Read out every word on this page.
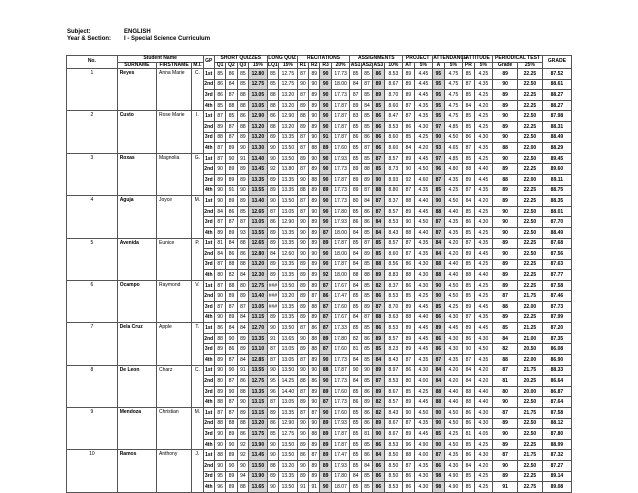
Subject:	ENGLISH
Year & Section: I - Special Science Curriculum
No.	Student Name			GP	SHORT QUIZZES				LONG QUIZ		RECITATIONS				ASSIGNMENTS				PROJECT		ATTENDANCE		ATTITUDE		PERIODICAL TEST		GRADE
	SURNAME	FIRSTNAME	M.I.		Q1	Q2	Q3	15%	LQ1	15%	R1	R2	R3	20%	AS1	AS2	AS3	10%	AT	5%	A	5%	PR	5%	Grade	25%	
1	Reyes	Anna Marie	C.	1st	85	86	85	12.80	85	12.75	87	89	90	17.73	85	85	86	8.53	89	4.45	95	4.75	85	4.25	89	22.25	87.52
				2nd	86	84	85	12.75	85	12.75	90	90	90	18.00	84	87	89	8.67	89	4.45	95	4.75	87	4.35	90	22.50	88.61
				3rd	86	87	88	13.05	88	13.20	87	89	90	17.73	87	85	89	8.70	89	4.45	95	4.75	85	4.25	89	22.25	88.27
				4th	85	88	88	13.05	88	13.20	89	89	90	17.87	89	84	85	8.60	87	4.35	95	4.75	84	4.20	89	22.25	88.27
2	Custo	Rose Marie	I.	1st	87	85	86	12.90	86	12.90	88	90	90	17.87	83	85	86	8.47	87	4.35	95	4.75	85	4.25	90	22.50	87.98
				2nd	89	87	88	13.20	88	13.20	89	89	90	17.87	85	85	86	8.53	86	4.30	97	4.85	85	4.25	89	22.25	88.31
				3rd	88	87	89	13.20	89	13.35	87	90	91	17.87	86	86	86	8.60	85	4.25	90	4.50	86	4.30	90	22.50	88.49
				4th	87	89	90	13.30	90	13.50	87	88	89	17.60	85	87	86	8.60	84	4.20	93	4.65	87	4.35	88	22.00	88.29
3	Roxas	Magnolia	G.	1st	87	90	91	13.40	90	13.50	89	90	90	17.93	85	85	87	8.57	89	4.45	97	4.85	85	4.25	90	22.50	89.45
				2nd	90	89	89	13.45	92	13.80	87	89	90	17.73	89	88	85	8.73	90	4.50	96	4.80	88	4.40	89	22.25	89.60
				3rd	89	89	89	13.35	89	13.35	90	88	90	17.87	89	89	90	8.93	92	4.60	87	4.35	89	4.45	88	22.00	89.11
				4th	90	91	90	13.55	89	13.35	88	89	89	17.73	89	87	88	8.80	87	4.35	85	4.25	87	4.35	89	22.25	88.75
4	Aguja	Joyce	M.	1st	90	89	89	13.40	90	13.50	87	89	90	17.73	80	84	87	8.37	88	4.40	90	4.50	84	4.20	89	22.25	88.35
				2nd	84	86	85	12.65	87	13.05	87	90	90	17.80	85	86	87	8.57	89	4.45	88	4.40	85	4.25	90	22.50	88.01
				3rd	87	87	87	13.05	86	12.90	90	89	90	17.93	86	86	84	8.53	90	4.50	87	4.35	86	4.30	90	22.50	87.70
				4th	89	89	93	13.55	89	13.35	90	89	87	18.00	84	85	84	8.43	88	4.40	87	4.35	85	4.25	90	22.50	88.49
5	Avenida	Eunice	P.	1st	81	84	88	12.65	89	13.35	90	89	89	17.87	85	87	85	8.57	87	4.35	84	4.20	87	4.35	89	22.25	87.68
				2nd	84	86	86	12.80	84	12.60	90	90	90	18.00	84	89	85	8.60	87	4.35	84	4.20	89	4.45	90	22.50	87.56
				3rd	87	88	88	13.20	89	13.35	89	89	90	17.87	84	85	88	8.56	86	4.30	88	4.40	85	4.25	89	22.25	87.63
				4th	80	82	84	12.30	89	13.35	89	89	92	18.00	88	88	89	8.83	88	4.30	88	4.40	88	4.40	89	22.25	87.77
6	Ocampo	Raymond	V.	1st	87	88	80	12.75	###	13.50	89	89	87	17.67	84	85	82	8.37	86	4.30	90	4.50	85	4.25	89	22.25	87.58
				2nd	90	89	89	13.40	###	13.20	89	87	86	17.47	85	85	86	8.53	85	4.25	90	4.50	85	4.25	87	21.75	87.46
				3rd	87	87	87	13.05	###	13.35	89	88	87	17.60	85	89	87	8.70	89	4.45	85	4.25	89	4.45	88	22.00	87.73
				4th	90	89	84	13.15	89	13.35	89	89	87	17.67	84	87	88	8.63	88	4.40	86	4.30	87	4.35	89	22.25	87.99
7	Dela Cruz	Apple	T.	1st	86	84	84	12.70	90	13.50	87	86	87	17.33	85	85	86	8.53	89	4.45	89	4.45	89	4.45	85	21.25	87.20
				2nd	88	90	89	13.35	91	13.65	90	88	89	17.80	82	86	89	8.57	89	4.45	86	4.30	86	4.30	84	21.00	87.35
				3rd	89	86	89	13.10	87	13.05	89	88	87	17.60	81	85	85	8.23	89	4.45	86	4.30	90	4.50	82	20.50	86.08
				4th	89	87	84	12.85	87	13.05	87	89	90	17.73	84	85	84	8.43	87	4.35	87	4.35	87	4.35	88	22.00	86.90
8	De Leon	Charz	C.	1st	90	90	91	13.55	90	13.50	90	90	88	17.87	90	90	89	8.97	86	4.30	84	4.20	84	4.20	87	21.75	88.33
				2nd	80	87	86	12.75	95	14.25	88	86	90	17.73	84	85	87	8.53	80	4.00	84	4.20	84	4.20	81	20.25	86.64
				3rd	89	90	88	13.35	96	14.40	87	89	89	17.60	85	86	89	8.67	85	4.25	88	4.40	88	4.40	80	20.00	86.87
				4th	88	87	90	13.15	87	13.05	89	90	87	17.73	86	89	82	8.57	89	4.45	88	4.40	88	4.40	90	22.50	87.64
9	Mendoza	Christian	M.	1st	87	87	89	13.15	89	13.35	87	87	90	17.60	85	86	82	8.43	90	4.50	90	4.50	86	4.30	87	21.75	87.58
				2nd	88	88	88	13.20	86	12.90	90	90	89	17.93	85	86	89	8.67	87	4.35	90	4.50	86	4.30	89	22.50	88.12
				3rd	90	89	86	13.75	85	12.75	90	88	89	17.87	85	81	90	8.67	89	4.45	85	4.25	81	4.05	90	22.50	87.80
				4th	90	90	92	13.90	90	13.50	89	89	89	17.87	85	85	86	8.53	96	4.90	90	4.50	85	4.25	89	22.25	88.99
10	Ramos	Anthony	J.	1st	88	89	92	13.45	90	13.50	86	87	89	17.47	85	86	84	8.50	88	4.00	87	4.35	86	4.30	87	21.75	87.32
				2nd	90	90	90	13.50	88	13.20	90	89	89	17.93	85	84	86	8.50	87	4.35	86	4.30	84	4.20	90	22.50	87.27
				3rd	95	89	94	13.90	89	13.35	89	89	89	17.80	84	85	86	8.50	86	4.30	98	4.90	85	4.25	89	22.25	89.14
				4th	96	89	88	13.65	90	13.50	91	91	90	18.07	85	85	86	8.53	86	4.30	98	4.90	85	4.25	91	22.75	89.08
